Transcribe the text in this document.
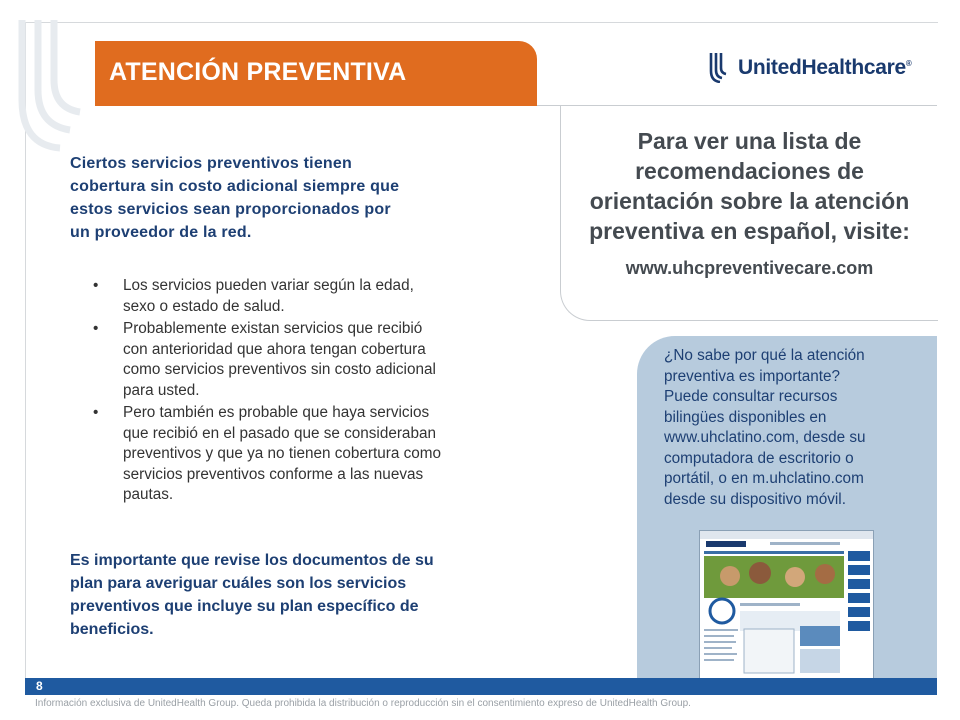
ATENCIÓN PREVENTIVA	UnitedHealthcare®
Para ver una lista de
recomendaciones de
orientación sobre la atención
preventiva en español, visite:
www.uhcpreventivecare.com
Ciertos servicios preventivos tienen
cobertura sin costo adicional siempre que
estos servicios sean proporcionados por
un proveedor de la red.
• Los servicios pueden variar según la edad,
sexo o estado de salud.
• Probablemente existan servicios que recibió
con anterioridad que ahora tengan cobertura
como servicios preventivos sin costo adicional
para usted.
• Pero también es probable que haya servicios
que recibió en el pasado que se consideraban
preventivos y que ya no tienen cobertura como
servicios preventivos conforme a las nuevas
pautas.
Es importante que revise los documentos de su
plan para averiguar cuáles son los servicios
preventivos que incluye su plan específico de
beneficios.
¿No sabe por qué la atención
preventiva es importante?
Puede consultar recursos
bilingües disponibles en
www.uhclatino.com, desde su
computadora de escritorio o
portátil, o en m.uhclatino.com
desde su dispositivo móvil.
8
Información exclusiva de UnitedHealth Group. Queda prohibida la distribución o reproducción sin el consentimiento expreso de UnitedHealth Group.
